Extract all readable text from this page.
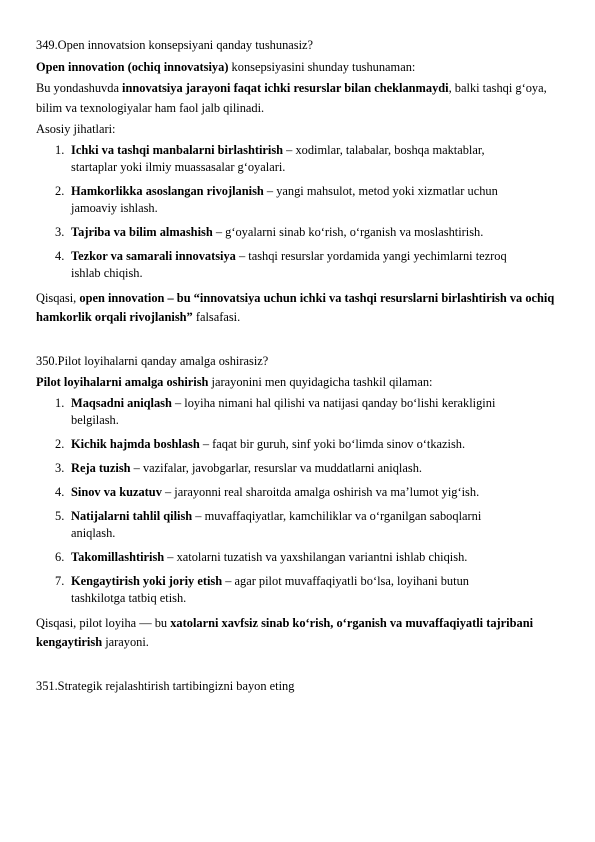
349.Open innovatsion konsepsiyani qanday tushunasiz?

Open innovation (ochiq innovatsiya) konsepsiyasini shunday tushunaman:

Bu yondashuvda innovatsiya jarayoni faqat ichki resurslar bilan cheklanmaydi, balki tashqi g‘oya, bilim va texnologiyalar ham faol jalb qilinadi.

Asosiy jihatlari:

1. Ichki va tashqi manbalarni birlashtirish – xodimlar, talabalar, boshqa maktablar,
startaplar yoki ilmiy muassasalar g‘oyalari.
2. Hamkorlikka asoslangan rivojlanish – yangi mahsulot, metod yoki xizmatlar uchun
jamoaviy ishlash.
3. Tajriba va bilim almashish – g‘oyalarni sinab ko‘rish, o‘rganish va moslashtirish.
4. Tezkor va samarali innovatsiya – tashqi resurslar yordamida yangi yechimlarni tezroq
ishlab chiqish.

Qisqasi, open innovation – bu “innovatsiya uchun ichki va tashqi resurslarni birlashtirish va ochiq hamkorlik orqali rivojlanish” falsafasi.

350.Pilot loyihalarni qanday amalga oshirasiz?

Pilot loyihalarni amalga oshirish jarayonini men quyidagicha tashkil qilaman:

1. Maqsadni aniqlash – loyiha nimani hal qilishi va natijasi qanday bo‘lishi kerakligini
belgilash.
2. Kichik hajmda boshlash – faqat bir guruh, sinf yoki bo‘limda sinov o‘tkazish.
3. Reja tuzish – vazifalar, javobgarlar, resurslar va muddatlarni aniqlash.
4. Sinov va kuzatuv – jarayonni real sharoitda amalga oshirish va ma’lumot yig‘ish.
5. Natijalarni tahlil qilish – muvaffaqiyatlar, kamchiliklar va o‘rganilgan saboqlarni
aniqlash.
6. Takomillashtirish – xatolarni tuzatish va yaxshilangan variantni ishlab chiqish.
7. Kengaytirish yoki joriy etish – agar pilot muvaffaqiyatli bo‘lsa, loyihani butun
tashkilotga tatbiq etish.

Qisqasi, pilot loyiha — bu xatolarni xavfsiz sinab ko‘rish, o‘rganish va muvaffaqiyatli tajribani kengaytirish jarayoni.

351.Strategik rejalashtirish tartibingizni bayon eting
